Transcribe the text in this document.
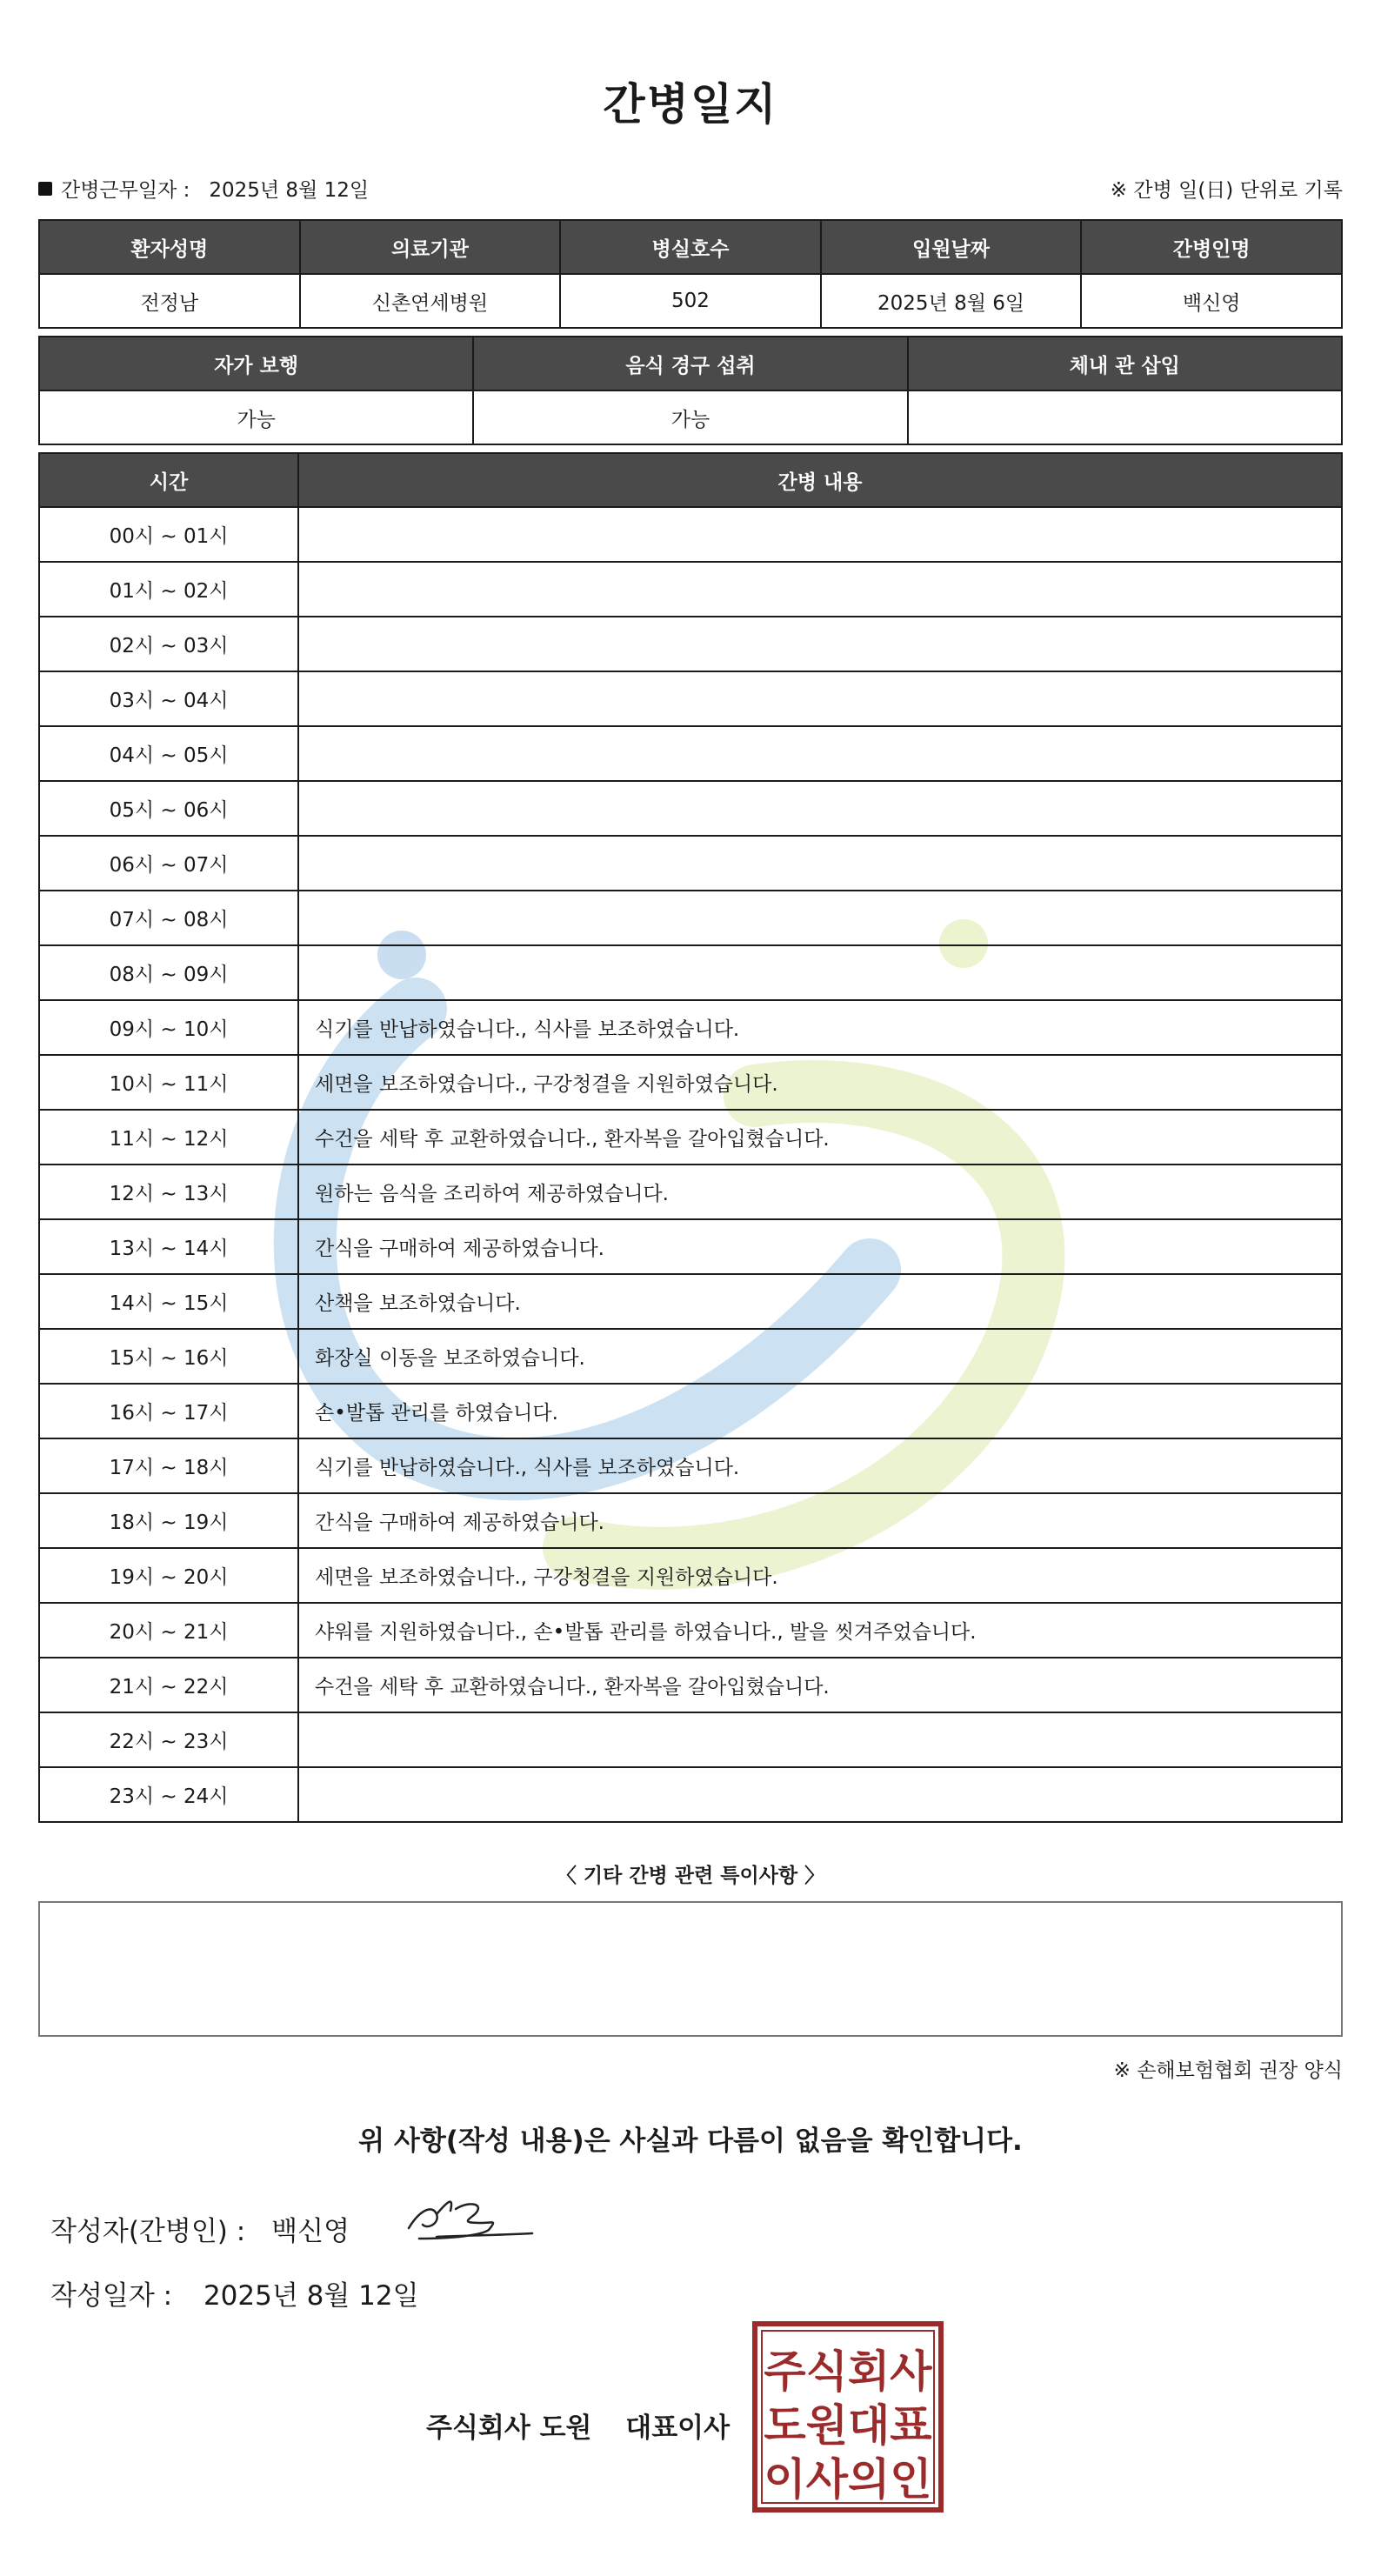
간병일지
간병근무일자 : 2025년 8월 12일	※ 간병 일(日) 단위로 기록
환자성명	의료기관	병실호수	입원날짜	간병인명
전정남	신촌연세병원	502	2025년 8월 6일	백신영
자가 보행	음식 경구 섭취	체내 관 삽입
가능	가능	
시간	간병 내용
00시 ~ 01시	
01시 ~ 02시	
02시 ~ 03시	
03시 ~ 04시	
04시 ~ 05시	
05시 ~ 06시	
06시 ~ 07시	
07시 ~ 08시	
08시 ~ 09시	
09시 ~ 10시	식기를 반납하였습니다., 식사를 보조하였습니다.
10시 ~ 11시	세면을 보조하였습니다., 구강청결을 지원하였습니다.
11시 ~ 12시	수건을 세탁 후 교환하였습니다., 환자복을 갈아입혔습니다.
12시 ~ 13시	원하는 음식을 조리하여 제공하였습니다.
13시 ~ 14시	간식을 구매하여 제공하였습니다.
14시 ~ 15시	산책을 보조하였습니다.
15시 ~ 16시	화장실 이동을 보조하였습니다.
16시 ~ 17시	손•발톱 관리를 하였습니다.
17시 ~ 18시	식기를 반납하였습니다., 식사를 보조하였습니다.
18시 ~ 19시	간식을 구매하여 제공하였습니다.
19시 ~ 20시	세면을 보조하였습니다., 구강청결을 지원하였습니다.
20시 ~ 21시	샤워를 지원하였습니다., 손•발톱 관리를 하였습니다., 발을 씻겨주었습니다.
21시 ~ 22시	수건을 세탁 후 교환하였습니다., 환자복을 갈아입혔습니다.
22시 ~ 23시	
23시 ~ 24시	
〈 기타 간병 관련 특이사항 〉
※ 손해보험협회 권장 양식
위 사항(작성 내용)은 사실과 다름이 없음을 확인합니다.
작성자(간병인) : 백신영
작성일자 : 2025년 8월 12일
주식회사 도원 대표이사
주식회사
도원대표
이사의인
